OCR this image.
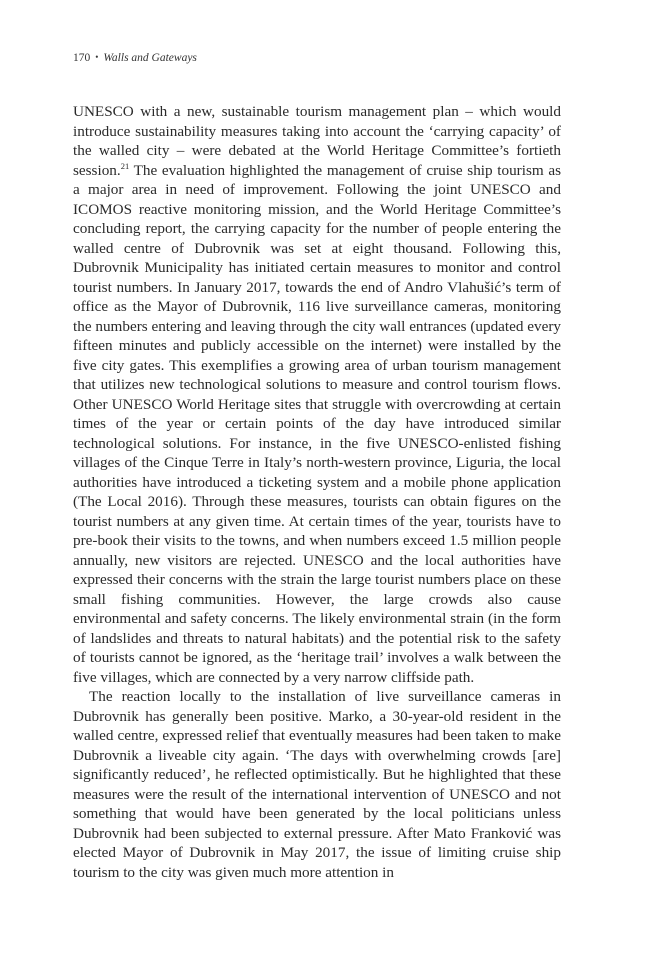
170 • Walls and Gateways

UNESCO with a new, sustainable tourism management plan – which would introduce sustainability measures taking into account the ‘carrying capacity’ of the walled city – were debated at the World Heritage Committee’s fortieth session.$^{21}$ The evaluation highlighted the management of cruise ship tourism as a major area in need of improvement. Following the joint UNESCO and ICOMOS reactive monitoring mission, and the World Heritage Committee’s concluding report, the carrying capacity for the number of people entering the walled centre of Dubrovnik was set at eight thousand. Following this, Dubrovnik Municipality has initiated certain measures to monitor and control tourist numbers. In January 2017, towards the end of Andro Vlahušić’s term of office as the Mayor of Dubrovnik, 116 live surveillance cameras, monitoring the numbers entering and leaving through the city wall entrances (updated every fifteen minutes and publicly accessible on the internet) were installed by the five city gates. This exemplifies a growing area of urban tourism management that utilizes new technological solutions to measure and control tourism flows. Other UNESCO World Heritage sites that struggle with overcrowding at certain times of the year or certain points of the day have introduced similar technological solutions. For instance, in the five UNESCO-enlisted fishing villages of the Cinque Terre in Italy’s north-western province, Liguria, the local authorities have introduced a ticketing system and a mobile phone application (The Local 2016). Through these measures, tourists can obtain figures on the tourist numbers at any given time. At certain times of the year, tourists have to pre-book their visits to the towns, and when numbers exceed 1.5 million people annually, new visitors are rejected. UNESCO and the local authorities have expressed their concerns with the strain the large tourist numbers place on these small fishing communities. However, the large crowds also cause environmental and safety concerns. The likely environmental strain (in the form of landslides and threats to natural habitats) and the potential risk to the safety of tourists cannot be ignored, as the ‘heritage trail’ involves a walk between the five villages, which are connected by a very narrow cliffside path.

The reaction locally to the installation of live surveillance cameras in Dubrovnik has generally been positive. Marko, a 30-year-old resident in the walled centre, expressed relief that eventually measures had been taken to make Dubrovnik a liveable city again. ‘The days with overwhelming crowds [are] significantly reduced’, he reflected optimistically. But he highlighted that these measures were the result of the international intervention of UNESCO and not something that would have been generated by the local politicians unless Dubrovnik had been subjected to external pressure. After Mato Franković was elected Mayor of Dubrovnik in May 2017, the issue of limiting cruise ship tourism to the city was given much more attention in
